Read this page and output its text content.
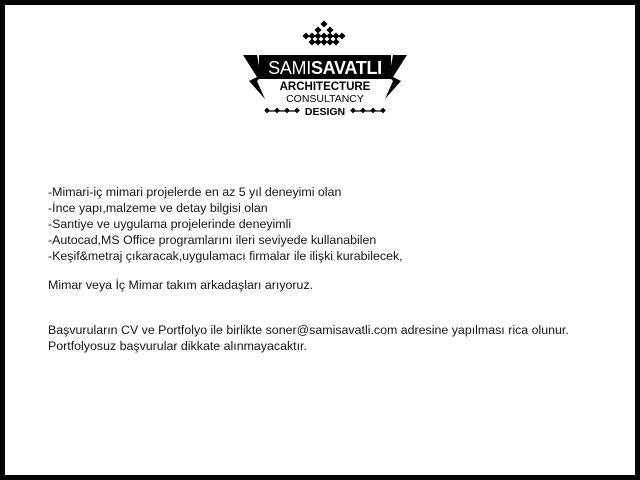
SAMISAVATLI
ARCHITECTURE
CONSULTANCY
DESIGN
-Mimari-iç mimari projelerde en az 5 yıl deneyimi olan
-İnce yapı,malzeme ve detay bilgisi olan
-Santiye ve uygulama projelerinde deneyimli
-Autocad,MS Office programlarını ileri seviyede kullanabilen
-Keşif&metraj çıkaracak,uygulamacı firmalar ile ilişki kurabilecek,
Mimar veya İç Mimar takım arkadaşları arıyoruz.
Başvuruların CV ve Portfolyo ile birlikte soner@samisavatli.com adresine yapılması rica olunur.
Portfolyosuz başvurular dikkate alınmayacaktır.
